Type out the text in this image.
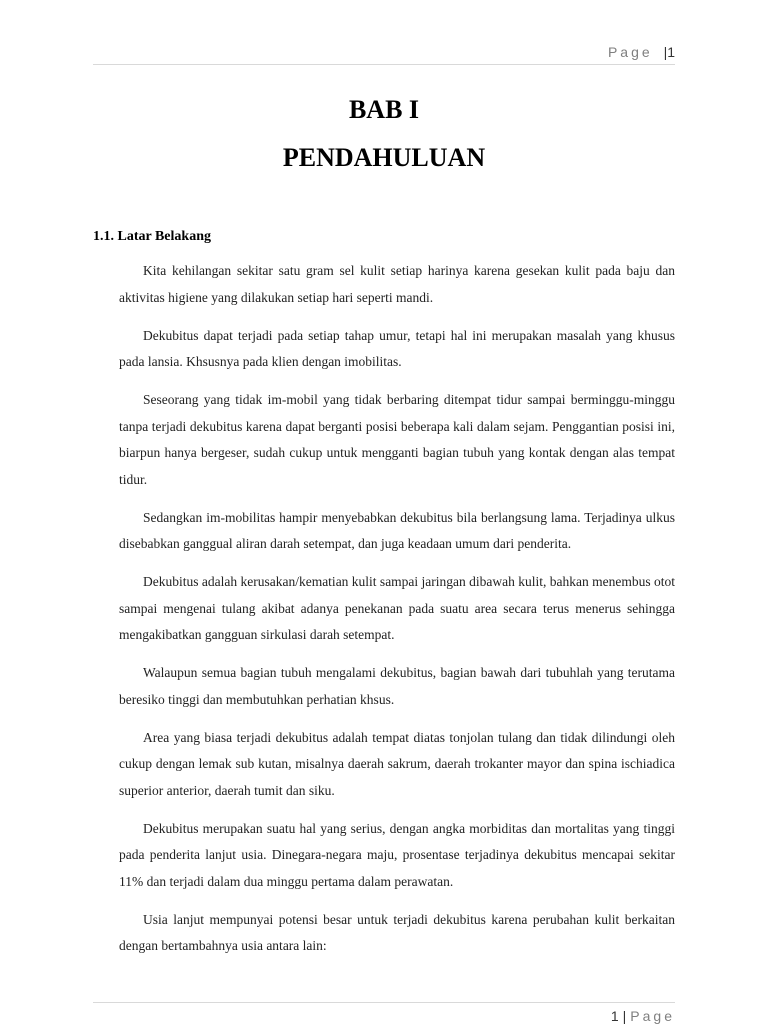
Page |1
BAB I
PENDAHULUAN
1.1. Latar Belakang

Kita kehilangan sekitar satu gram sel kulit setiap harinya karena gesekan kulit pada baju dan aktivitas higiene yang dilakukan setiap hari seperti mandi.

Dekubitus dapat terjadi pada setiap tahap umur, tetapi hal ini merupakan masalah yang khusus pada lansia. Khsusnya pada klien dengan imobilitas.

Seseorang yang tidak im-mobil yang tidak berbaring ditempat tidur sampai berminggu-minggu tanpa terjadi dekubitus karena dapat berganti posisi beberapa kali dalam sejam. Penggantian posisi ini, biarpun hanya bergeser, sudah cukup untuk mengganti bagian tubuh yang kontak dengan alas tempat tidur.

Sedangkan im-mobilitas hampir menyebabkan dekubitus bila berlangsung lama. Terjadinya ulkus disebabkan ganggual aliran darah setempat, dan juga keadaan umum dari penderita.

Dekubitus adalah kerusakan/kematian kulit sampai jaringan dibawah kulit, bahkan menembus otot sampai mengenai tulang akibat adanya penekanan pada suatu area secara terus menerus sehingga mengakibatkan gangguan sirkulasi darah setempat.

Walaupun semua bagian tubuh mengalami dekubitus, bagian bawah dari tubuhlah yang terutama beresiko tinggi dan membutuhkan perhatian khsus.

Area yang biasa terjadi dekubitus adalah tempat diatas tonjolan tulang dan tidak dilindungi oleh cukup dengan lemak sub kutan, misalnya daerah sakrum, daerah trokanter mayor dan spina ischiadica superior anterior, daerah tumit dan siku.

Dekubitus merupakan suatu hal yang serius, dengan angka morbiditas dan mortalitas yang tinggi pada penderita lanjut usia. Dinegara-negara maju, prosentase terjadinya dekubitus mencapai sekitar 11% dan terjadi dalam dua minggu pertama dalam perawatan.

Usia lanjut mempunyai potensi besar untuk terjadi dekubitus karena perubahan kulit berkaitan dengan bertambahnya usia antara lain:

1 | Page
